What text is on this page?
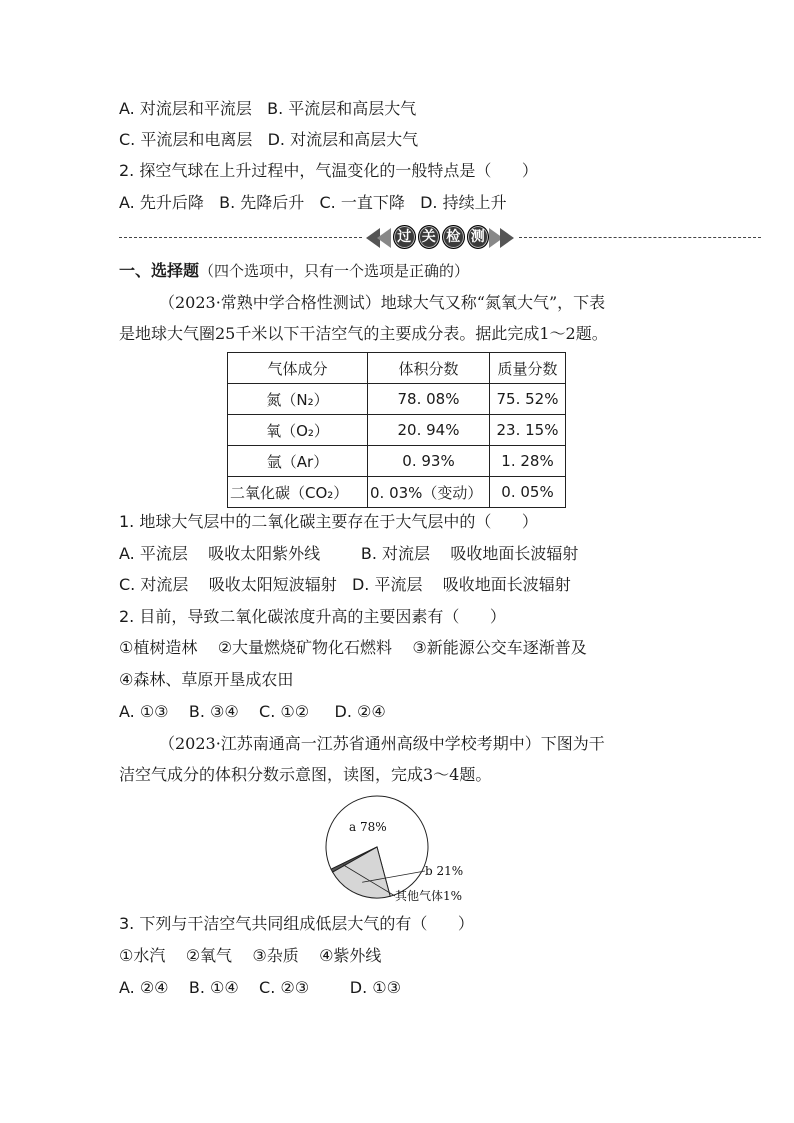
A. 对流层和平流层   B. 平流层和高层大气
C. 平流层和电离层   D. 对流层和高层大气
2. 探空气球在上升过程中，气温变化的一般特点是（      ）
A. 先升后降   B. 先降后升   C. 一直下降   D. 持续上升
过 关 检 测
一、选择题（四个选项中，只有一个选项是正确的）
（2023·常熟中学合格性测试）地球大气又称“氮氧大气”，下表
是地球大气圈25千米以下干洁空气的主要成分表。据此完成1～2题。
气体成分	体积分数	质量分数
氮（N₂）	78. 08%	75. 52%
氧（O₂）	20. 94%	23. 15%
氩（Ar）	0. 93%	1. 28%
二氧化碳（CO₂）	0. 03%（变动）	0. 05%
1. 地球大气层中的二氧化碳主要存在于大气层中的（      ）
A. 平流层    吸收太阳紫外线        B. 对流层    吸收地面长波辐射
C. 对流层    吸收太阳短波辐射   D. 平流层    吸收地面长波辐射
2. 目前，导致二氧化碳浓度升高的主要因素有（      ）
①植树造林    ②大量燃烧矿物化石燃料    ③新能源公交车逐渐普及
④森林、草原开垦成农田
A. ①③    B. ③④    C. ①②     D. ②④
（2023·江苏南通高一江苏省通州高级中学校考期中）下图为干
洁空气成分的体积分数示意图，读图，完成3～4题。
a 78%
b 21%
其他气体1%
3. 下列与干洁空气共同组成低层大气的有（      ）
①水汽    ②氧气    ③杂质    ④紫外线
A. ②④    B. ①④    C. ②③        D. ①③
